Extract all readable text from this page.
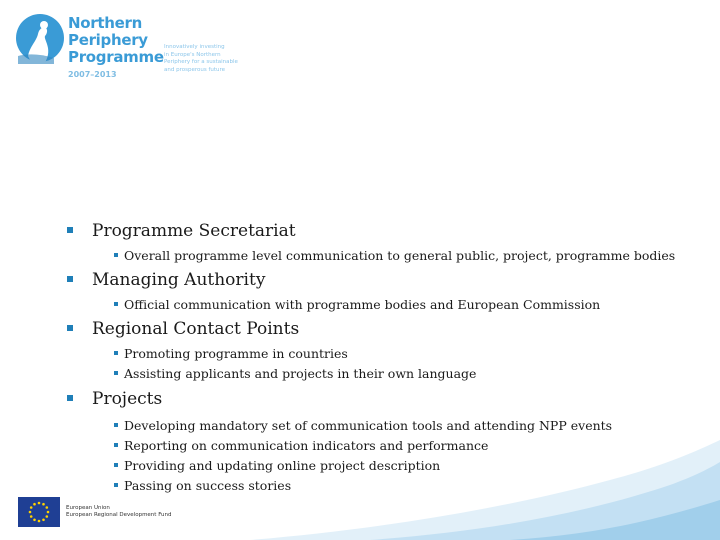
Northern
Periphery
Programme
2007–2013
Innovatively investing
in Europe's Northern
Periphery for a sustainable
and prosperous future
Programme Secretariat
Overall programme level communication to general public, project, programme bodies
Managing Authority
Official communication with programme bodies and European Commission
Regional Contact Points
Promoting programme in countries
Assisting applicants and projects in their own language
Projects
Developing mandatory set of communication tools and attending NPP events
Reporting on communication indicators and performance
Providing and updating online project description
Passing on success stories
European Union
European Regional Development Fund
